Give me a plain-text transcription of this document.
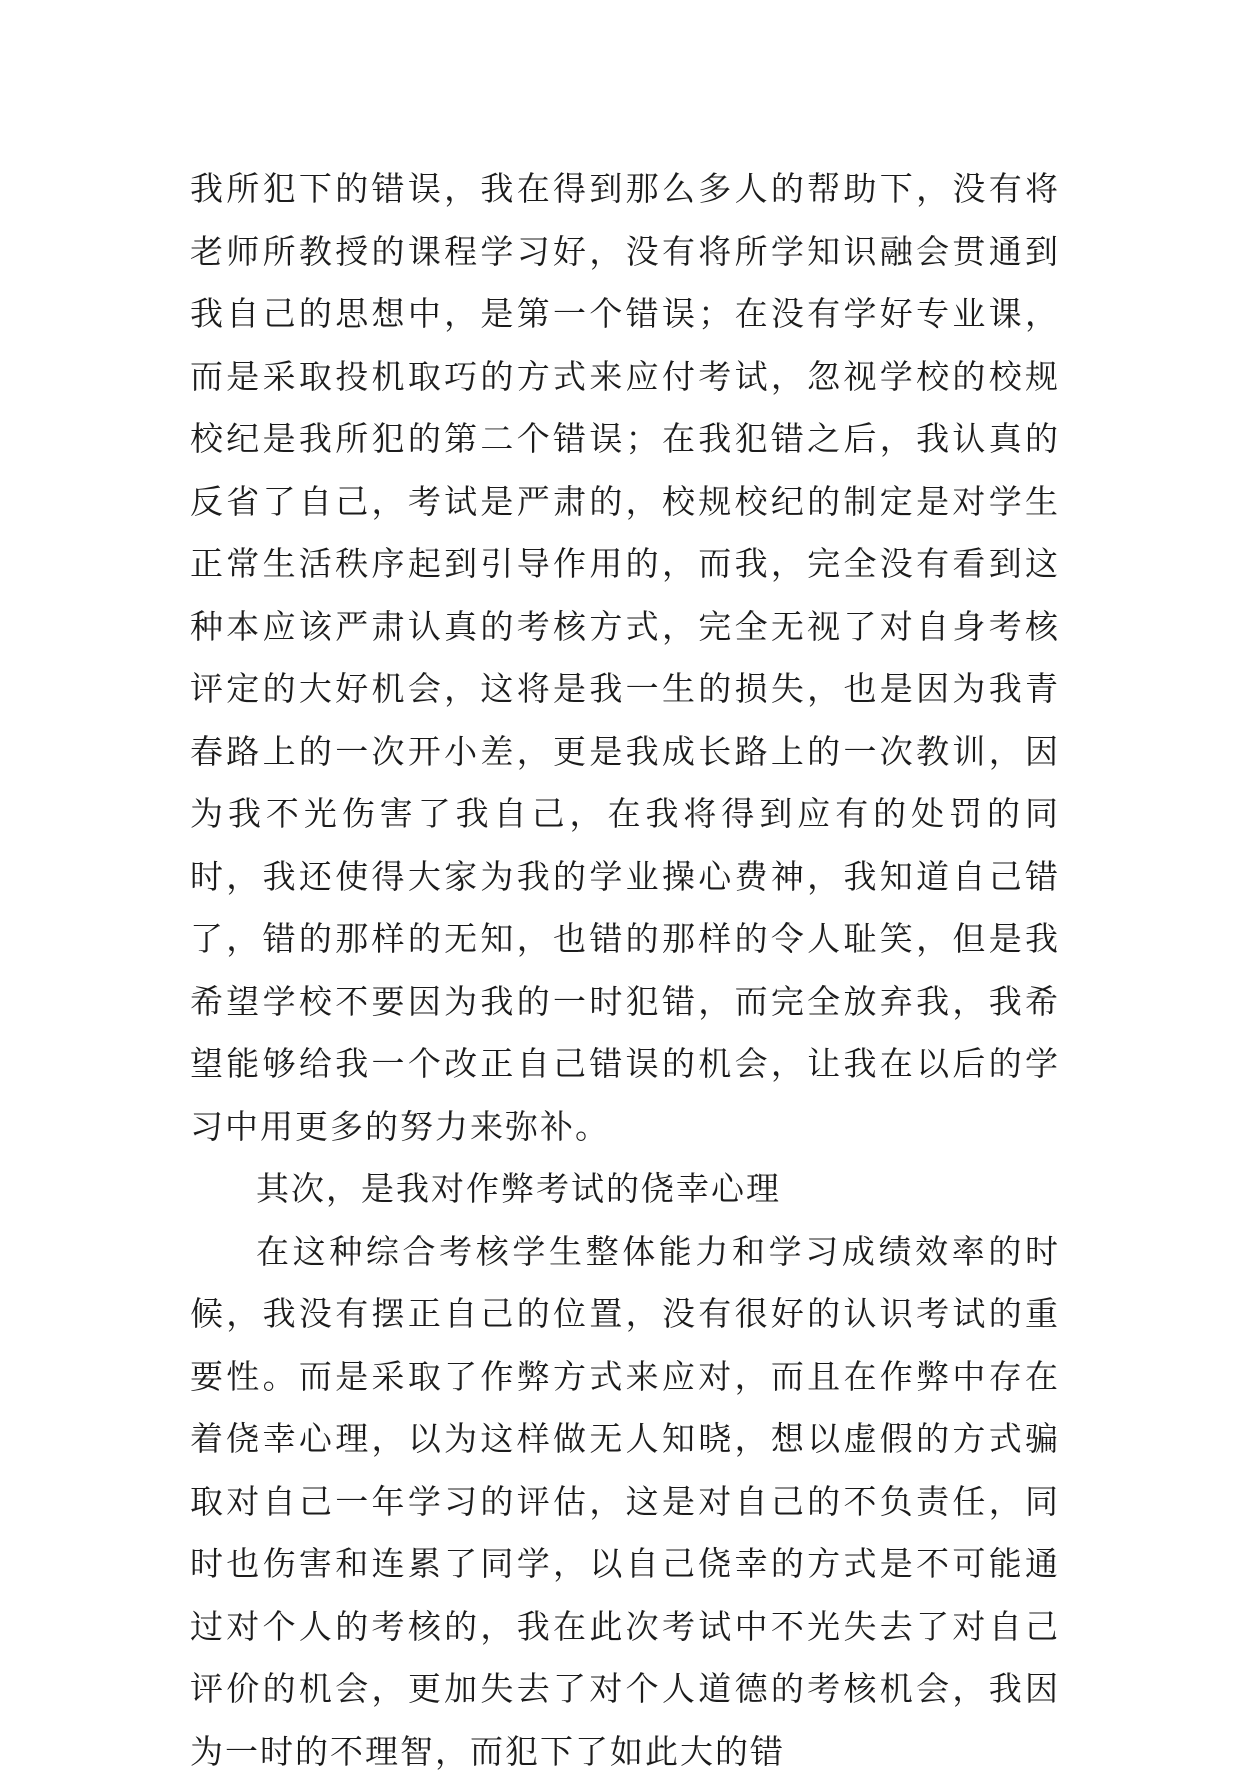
我所犯下的错误，我在得到那么多人的帮助下，没有将老师所教授的课程学习好，没有将所学知识融会贯通到我自己的思想中，是第一个错误；在没有学好专业课，而是采取投机取巧的方式来应付考试，忽视学校的校规校纪是我所犯的第二个错误；在我犯错之后，我认真的反省了自己，考试是严肃的，校规校纪的制定是对学生正常生活秩序起到引导作用的，而我，完全没有看到这种本应该严肃认真的考核方式，完全无视了对自身考核评定的大好机会，这将是我一生的损失，也是因为我青春路上的一次开小差，更是我成长路上的一次教训，因为我不光伤害了我自己，在我将得到应有的处罚的同时，我还使得大家为我的学业操心费神，我知道自己错了，错的那样的无知，也错的那样的令人耻笑，但是我希望学校不要因为我的一时犯错，而完全放弃我，我希望能够给我一个改正自己错误的机会，让我在以后的学习中用更多的努力来弥补。

其次，是我对作弊考试的侥幸心理

在这种综合考核学生整体能力和学习成绩效率的时候，我没有摆正自己的位置，没有很好的认识考试的重要性。而是采取了作弊方式来应对，而且在作弊中存在着侥幸心理，以为这样做无人知晓，想以虚假的方式骗取对自己一年学习的评估，这是对自己的不负责任，同时也伤害和连累了同学，以自己侥幸的方式是不可能通过对个人的考核的，我在此次考试中不光失去了对自己评价的机会，更加失去了对个人道德的考核机会，我因为一时的不理智，而犯下了如此大的错
